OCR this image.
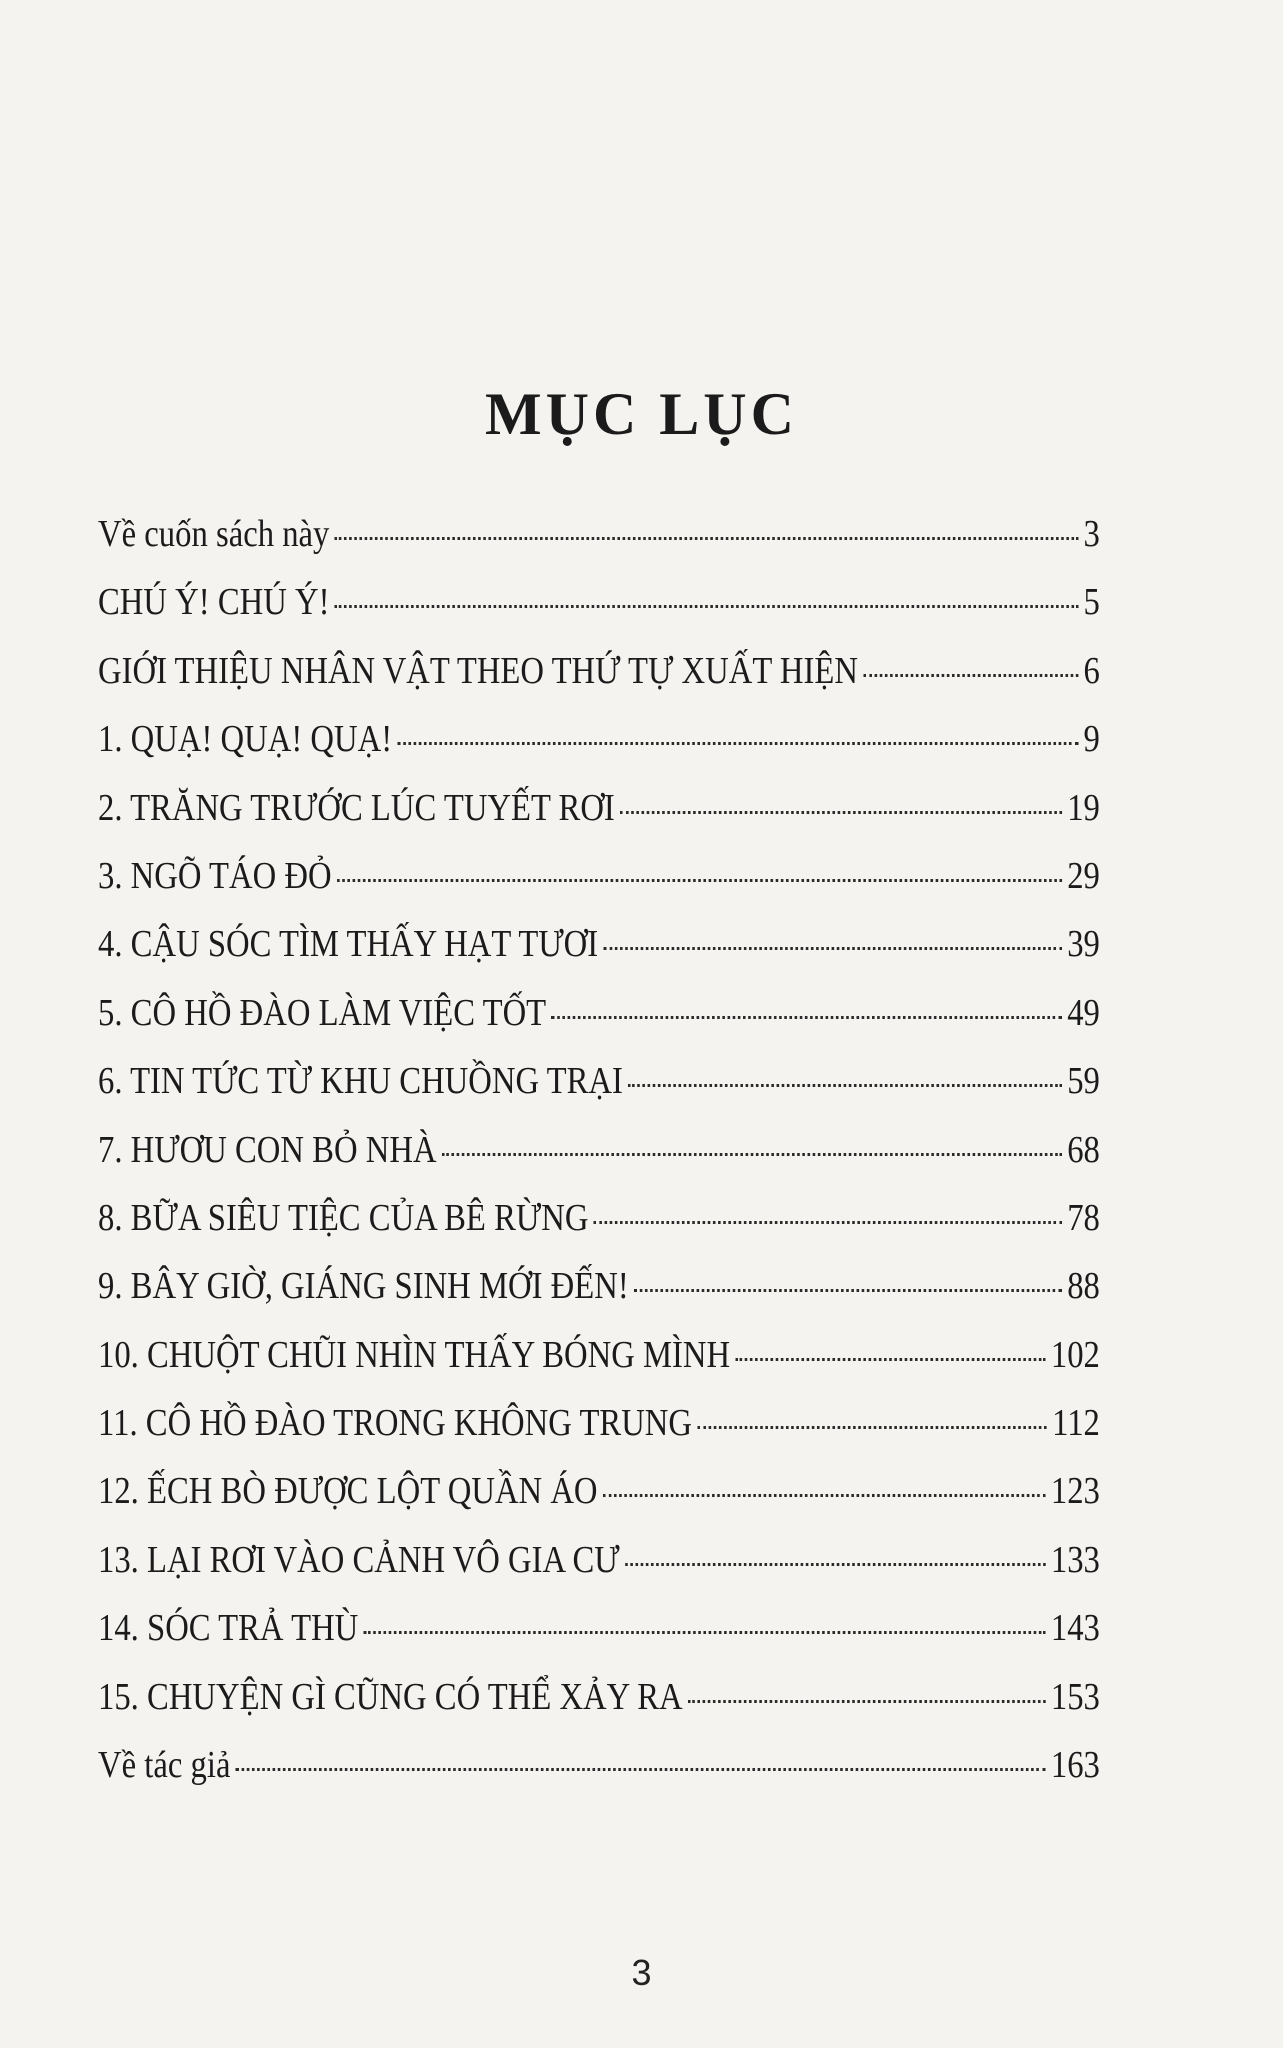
MỤC LỤC
Về cuốn sách này	3
CHÚ Ý! CHÚ Ý!	5
GIỚI THIỆU NHÂN VẬT THEO THỨ TỰ XUẤT HIỆN	6
1. QUẠ! QUẠ! QUẠ!	9
2. TRĂNG TRƯỚC LÚC TUYẾT RƠI	19
3. NGÕ TÁO ĐỎ	29
4. CẬU SÓC TÌM THẤY HẠT TƯƠI	39
5. CÔ HỒ ĐÀO LÀM VIỆC TỐT	49
6. TIN TỨC TỪ KHU CHUỒNG TRẠI	59
7. HƯƠU CON BỎ NHÀ	68
8. BỮA SIÊU TIỆC CỦA BÊ RỪNG	78
9. BÂY GIỜ, GIÁNG SINH MỚI ĐẾN!	88
10. CHUỘT CHŨI NHÌN THẤY BÓNG MÌNH	102
11. CÔ HỒ ĐÀO TRONG KHÔNG TRUNG	112
12. ẾCH BÒ ĐƯỢC LỘT QUẦN ÁO	123
13. LẠI RƠI VÀO CẢNH VÔ GIA CƯ	133
14. SÓC TRẢ THÙ	143
15. CHUYỆN GÌ CŨNG CÓ THỂ XẢY RA	153
Về tác giả	163
3
